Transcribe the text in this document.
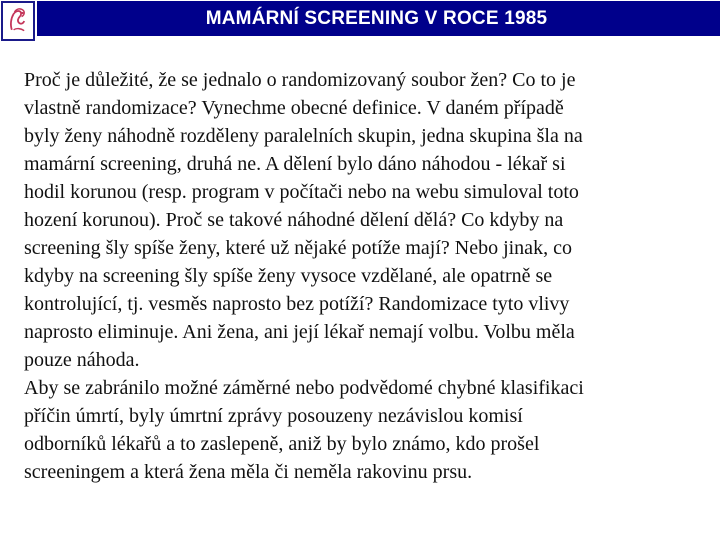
MAMÁRNÍ SCREENING V ROCE 1985

Proč je důležité, že se jednalo o randomizovaný soubor žen? Co to je
vlastně randomizace? Vynechme obecné definice. V daném případě
byly ženy náhodně rozděleny paralelních skupin, jedna skupina šla na
mamární screening, druhá ne. A dělení bylo dáno náhodou - lékař si
hodil korunou (resp. program v počítači nebo na webu simuloval toto
hození korunou). Proč se takové náhodné dělení dělá? Co kdyby na
screening šly spíše ženy, které už nějaké potíže mají? Nebo jinak, co
kdyby na screening šly spíše ženy vysoce vzdělané, ale opatrně se
kontrolující, tj. vesměs naprosto bez potíží? Randomizace tyto vlivy
naprosto eliminuje. Ani žena, ani její lékař nemají volbu. Volbu měla
pouze náhoda.

Aby se zabránilo možné záměrné nebo podvědomé chybné klasifikaci
příčin úmrtí, byly úmrtní zprávy posouzeny nezávislou komisí
odborníků lékařů a to zaslepeně, aniž by bylo známo, kdo prošel
screeningem a která žena měla či neměla rakovinu prsu.
